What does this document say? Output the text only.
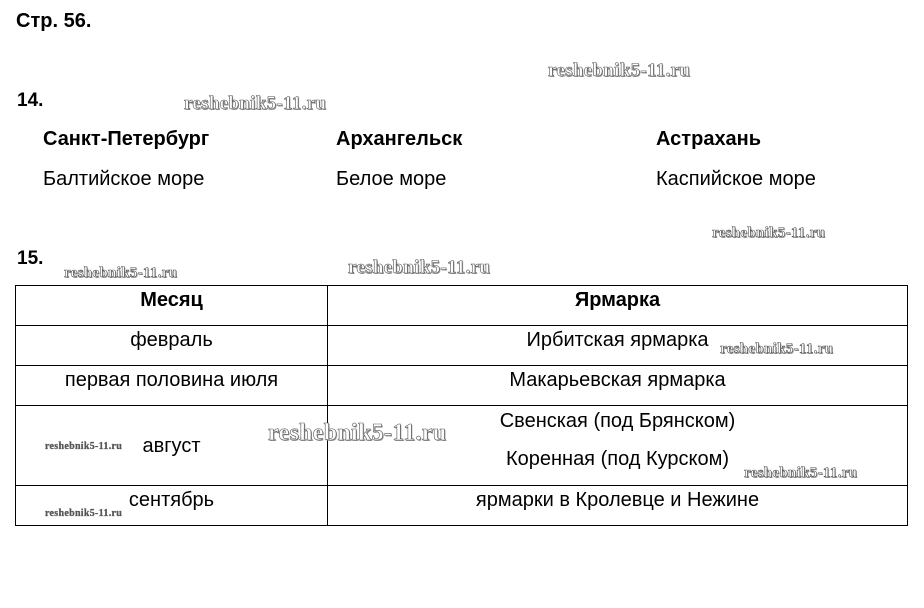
Стр. 56.
14.
Санкт-Петербург	Архангельск	Астрахань
Балтийское море	Белое море	Каспийское море
15.
Месяц	Ярмарка
февраль	Ирбитская ярмарка
первая половина июля	Макарьевская ярмарка
август	Свенская (под Брянском)
Коренная (под Курском)

сентябрь	ярмарки в Кролевце и Нежине
reshebnik5-11.ru
reshebnik5-11.ru
reshebnik5-11.ru
reshebnik5-11.ru	reshebnik5-11.ru
reshebnik5-11.ru
reshebnik5-11.ru
reshebnik5-11.ru
reshebnik5-11.ru
reshebnik5-11.ru
